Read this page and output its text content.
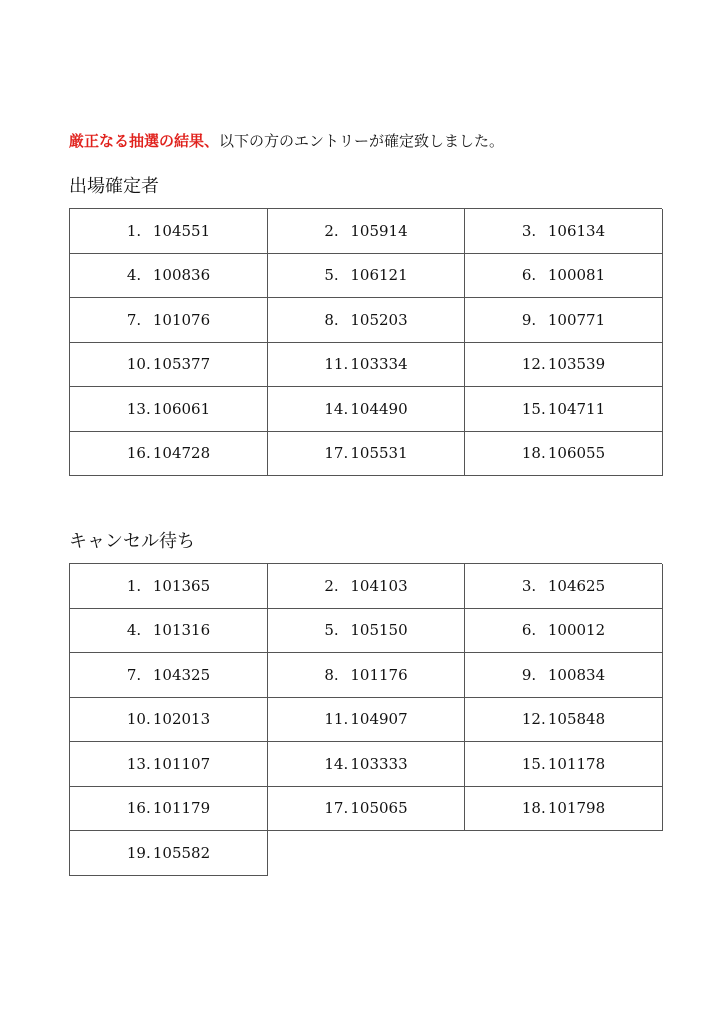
厳正なる抽選の結果、以下の方のエントリーが確定致しました。
出場確定者
1. 104551	2. 105914	3. 106134
4. 100836	5. 106121	6. 100081
7. 101076	8. 105203	9. 100771
10. 105377	11. 103334	12. 103539
13. 106061	14. 104490	15. 104711
16. 104728	17. 105531	18. 106055
キャンセル待ち
1. 101365	2. 104103	3. 104625
4. 101316	5. 105150	6. 100012
7. 104325	8. 101176	9. 100834
10. 102013	11. 104907	12. 105848
13. 101107	14. 103333	15. 101178
16. 101179	17. 105065	18. 101798
19. 105582
